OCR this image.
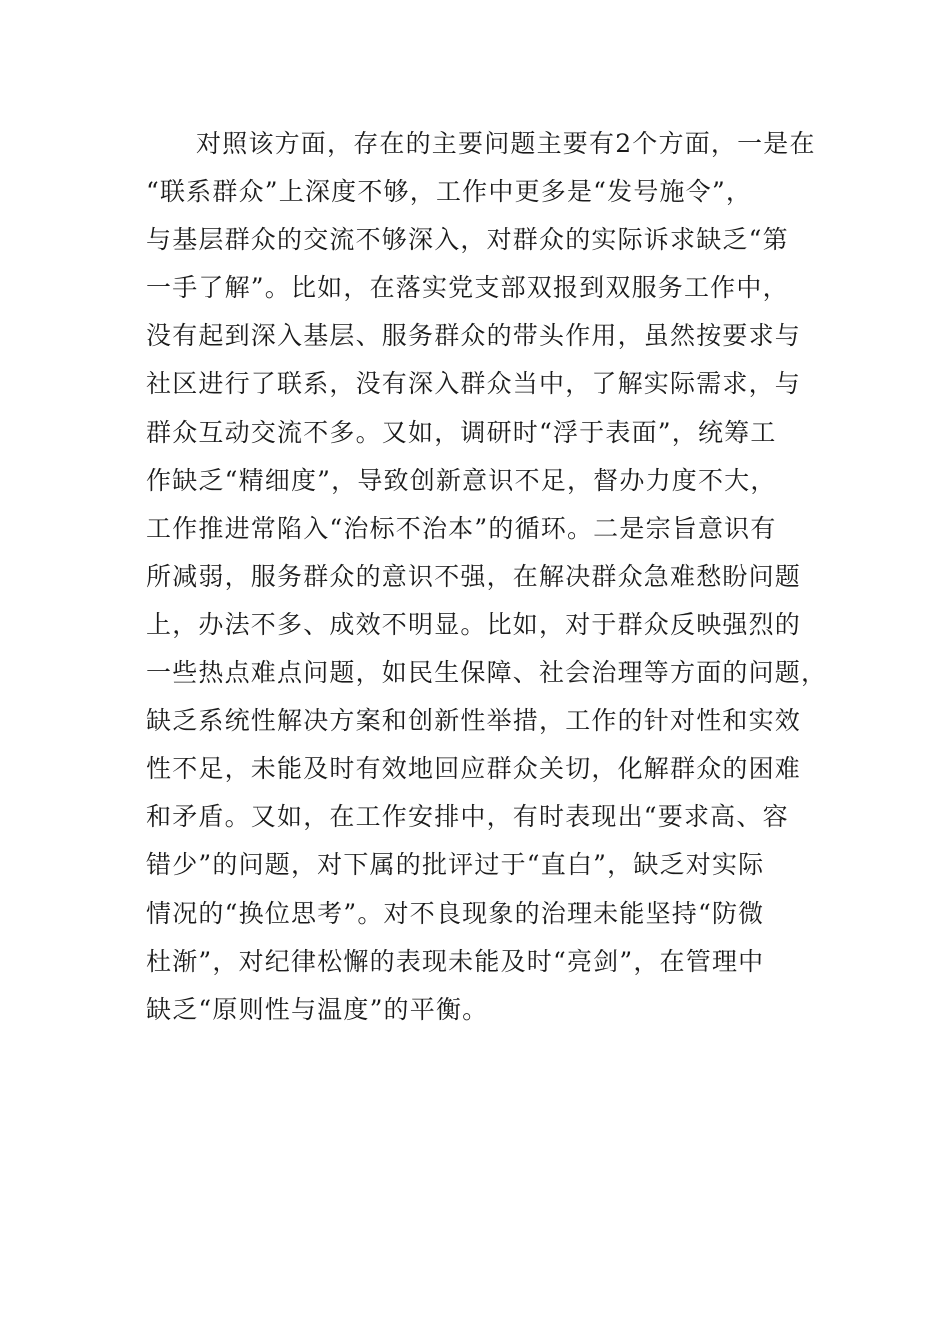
对照该方面，存在的主要问题主要有2个方面，一是在
“联系群众”上深度不够，工作中更多是“发号施令”，
与基层群众的交流不够深入，对群众的实际诉求缺乏“第
一手了解”。比如，在落实党支部双报到双服务工作中，
没有起到深入基层、服务群众的带头作用，虽然按要求与
社区进行了联系，没有深入群众当中，了解实际需求，与
群众互动交流不多。又如，调研时“浮于表面”，统筹工
作缺乏“精细度”，导致创新意识不足，督办力度不大，
工作推进常陷入“治标不治本”的循环。二是宗旨意识有
所减弱，服务群众的意识不强，在解决群众急难愁盼问题
上，办法不多、成效不明显。比如，对于群众反映强烈的
一些热点难点问题，如民生保障、社会治理等方面的问题，
缺乏系统性解决方案和创新性举措，工作的针对性和实效
性不足，未能及时有效地回应群众关切，化解群众的困难
和矛盾。又如，在工作安排中，有时表现出“要求高、容
错少”的问题，对下属的批评过于“直白”，缺乏对实际
情况的“换位思考”。对不良现象的治理未能坚持“防微
杜渐”，对纪律松懈的表现未能及时“亮剑”，在管理中
缺乏“原则性与温度”的平衡。
